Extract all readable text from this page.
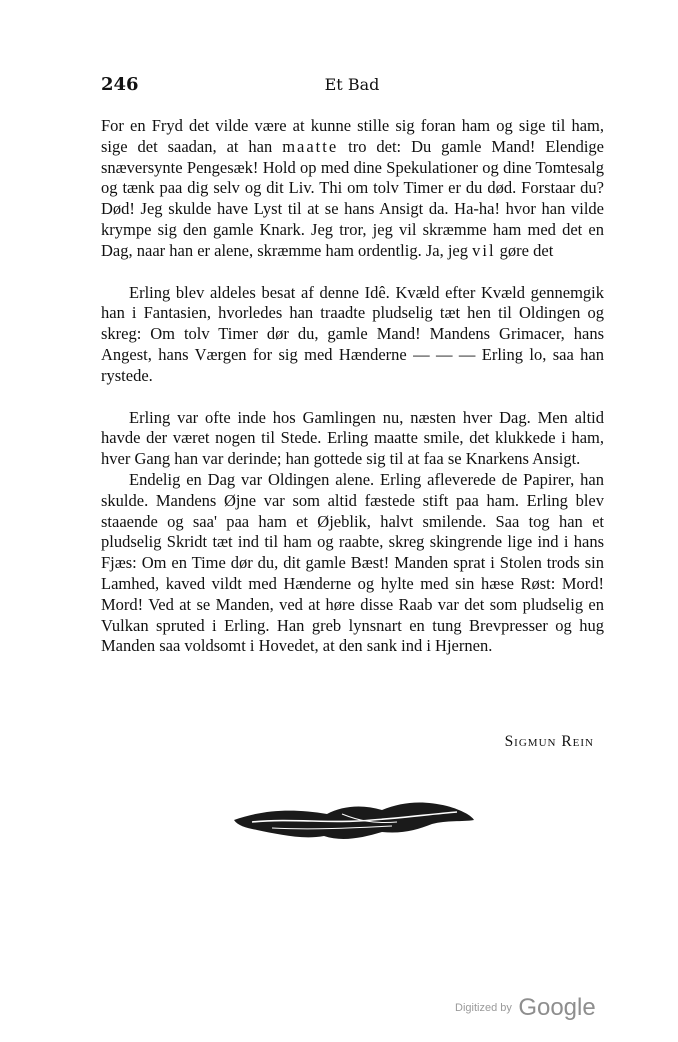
246	Et Bad

For en Fryd det vilde være at kunne stille sig foran ham og sige til ham, sige det saadan, at han maatte tro det: Du gamle Mand! Elendige snæversynte Pengesæk! Hold op med dine Spekulationer og dine Tomtesalg og tænk paa dig selv og dit Liv. Thi om tolv Timer er du død. Forstaar du? Død! Jeg skulde have Lyst til at se hans Ansigt da. Ha-ha! hvor han vilde krympe sig den gamle Knark. Jeg tror, jeg vil skræmme ham med det en Dag, naar han er alene, skræmme ham ordentlig. Ja, jeg vil gøre det

Erling blev aldeles besat af denne Idê. Kvæld efter Kvæld gennemgik han i Fantasien, hvorledes han traadte pludselig tæt hen til Oldingen og skreg: Om tolv Timer dør du, gamle Mand! Mandens Grimacer, hans Angest, hans Værgen for sig med Hænderne — — — Erling lo, saa han rystede.

Erling var ofte inde hos Gamlingen nu, næsten hver Dag. Men altid havde der været nogen til Stede. Erling maatte smile, det klukkede i ham, hver Gang han var derinde; han gottede sig til at faa se Knarkens Ansigt.

Endelig en Dag var Oldingen alene. Erling afleverede de Papirer, han skulde. Mandens Øjne var som altid fæstede stift paa ham. Erling blev staaende og saa' paa ham et Øjeblik, halvt smilende. Saa tog han et pludselig Skridt tæt ind til ham og raabte, skreg skingrende lige ind i hans Fjæs: Om en Time dør du, dit gamle Bæst! Manden sprat i Stolen trods sin Lamhed, kaved vildt med Hænderne og hylte med sin hæse Røst: Mord! Mord! Ved at se Manden, ved at høre disse Raab var det som pludselig en Vulkan spruted i Erling. Han greb lynsnart en tung Brevpresser og hug Manden saa voldsomt i Hovedet, at den sank ind i Hjernen.

Sigmun Rein
Digitized by Google
